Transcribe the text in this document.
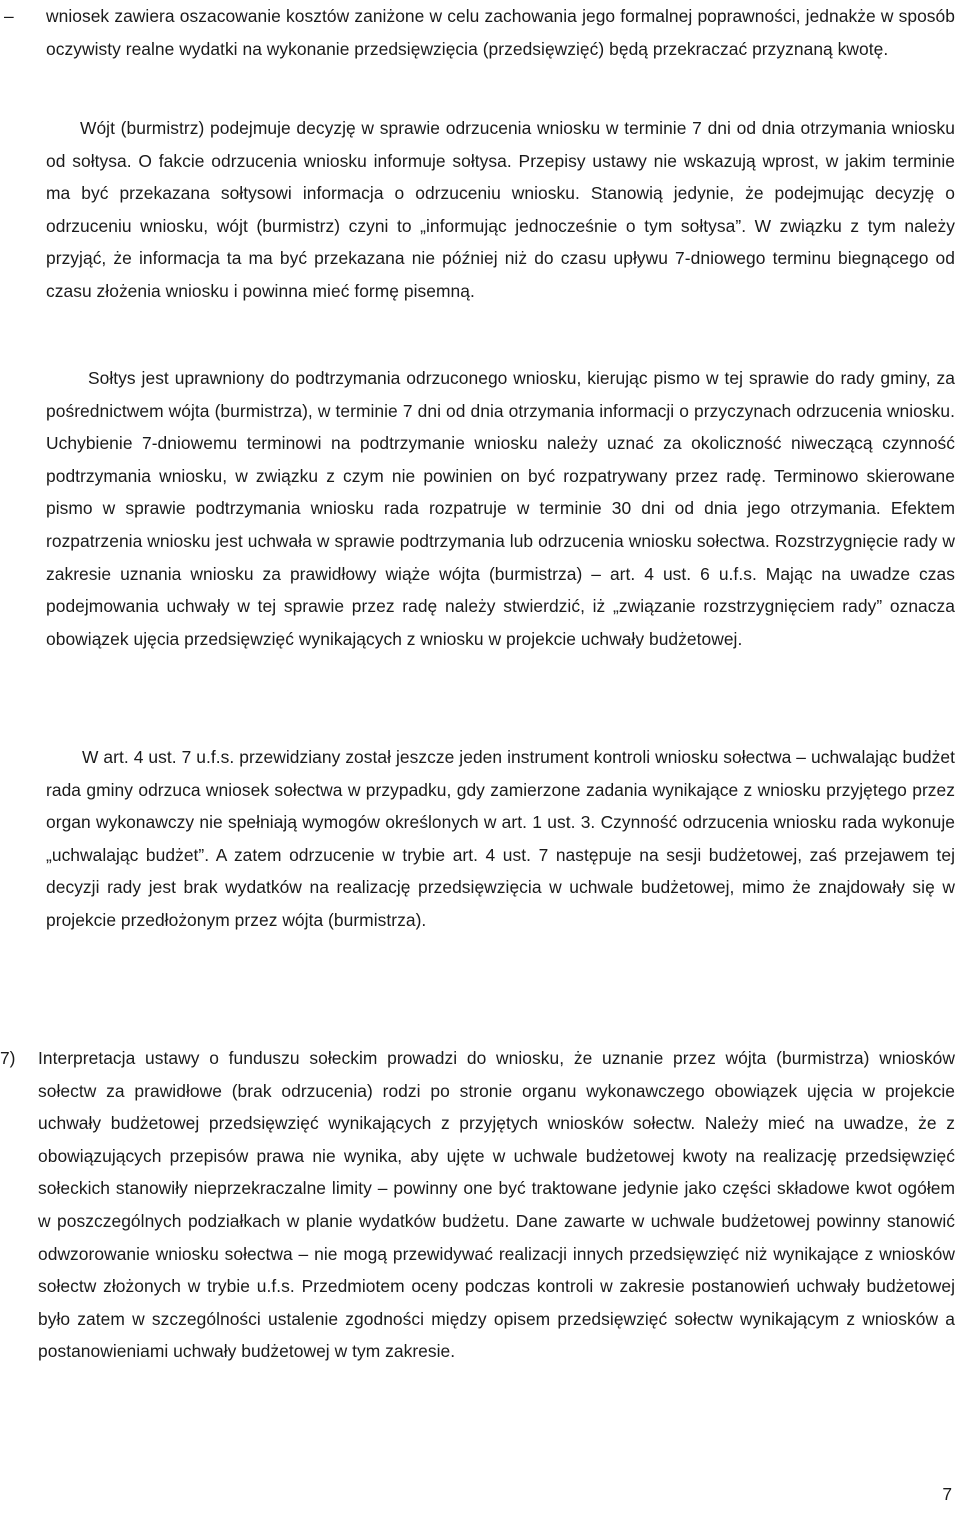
– wniosek zawiera oszacowanie kosztów zaniżone w celu zachowania jego formalnej poprawności, jednakże w sposób oczywisty realne wydatki na wykonanie przedsięwzięcia (przedsięwzięć) będą przekraczać przyznaną kwotę.

Wójt (burmistrz) podejmuje decyzję w sprawie odrzucenia wniosku w terminie 7 dni od dnia otrzymania wniosku od sołtysa. O fakcie odrzucenia wniosku informuje sołtysa. Przepisy ustawy nie wskazują wprost, w jakim terminie ma być przekazana sołtysowi informacja o odrzuceniu wniosku. Stanowią jedynie, że podejmując decyzję o odrzuceniu wniosku, wójt (burmistrz) czyni to „informując jednocześnie o tym sołtysa”. W związku z tym należy przyjąć, że informacja ta ma być przekazana nie później niż do czasu upływu 7-dniowego terminu biegnącego od czasu złożenia wniosku i powinna mieć formę pisemną.

Sołtys jest uprawniony do podtrzymania odrzuconego wniosku, kierując pismo w tej sprawie do rady gminy, za pośrednictwem wójta (burmistrza), w terminie 7 dni od dnia otrzymania informacji o przyczynach odrzucenia wniosku. Uchybienie 7-dniowemu terminowi na podtrzymanie wniosku należy uznać za okoliczność niweczącą czynność podtrzymania wniosku, w związku z czym nie powinien on być rozpatrywany przez radę. Terminowo skierowane pismo w sprawie podtrzymania wniosku rada rozpatruje w terminie 30 dni od dnia jego otrzymania. Efektem rozpatrzenia wniosku jest uchwała w sprawie podtrzymania lub odrzucenia wniosku sołectwa. Rozstrzygnięcie rady w zakresie uznania wniosku za prawidłowy wiąże wójta (burmistrza) – art. 4 ust. 6 u.f.s. Mając na uwadze czas podejmowania uchwały w tej sprawie przez radę należy stwierdzić, iż „związanie rozstrzygnięciem rady” oznacza obowiązek ujęcia przedsięwzięć wynikających z wniosku w projekcie uchwały budżetowej.

W art. 4 ust. 7 u.f.s. przewidziany został jeszcze jeden instrument kontroli wniosku sołectwa – uchwalając budżet rada gminy odrzuca wniosek sołectwa w przypadku, gdy zamierzone zadania wynikające z wniosku przyjętego przez organ wykonawczy nie spełniają wymogów określonych w art. 1 ust. 3. Czynność odrzucenia wniosku rada wykonuje „uchwalając budżet”. A zatem odrzucenie w trybie art. 4 ust. 7 następuje na sesji budżetowej, zaś przejawem tej decyzji rady jest brak wydatków na realizację przedsięwzięcia w uchwale budżetowej, mimo że znajdowały się w projekcie przedłożonym przez wójta (burmistrza).

7) Interpretacja ustawy o funduszu sołeckim prowadzi do wniosku, że uznanie przez wójta (burmistrza) wniosków sołectw za prawidłowe (brak odrzucenia) rodzi po stronie organu wykonawczego obowiązek ujęcia w projekcie uchwały budżetowej przedsięwzięć wynikających z przyjętych wniosków sołectw. Należy mieć na uwadze, że z obowiązujących przepisów prawa nie wynika, aby ujęte w uchwale budżetowej kwoty na realizację przedsięwzięć sołeckich stanowiły nieprzekraczalne limity – powinny one być traktowane jedynie jako części składowe kwot ogółem w poszczególnych podziałkach w planie wydatków budżetu. Dane zawarte w uchwale budżetowej powinny stanowić odwzorowanie wniosku sołectwa – nie mogą przewidywać realizacji innych przedsięwzięć niż wynikające z wniosków sołectw złożonych w trybie u.f.s. Przedmiotem oceny podczas kontroli w zakresie postanowień uchwały budżetowej było zatem w szczególności ustalenie zgodności między opisem przedsięwzięć sołectw wynikającym z wniosków a postanowieniami uchwały budżetowej w tym zakresie.

7
